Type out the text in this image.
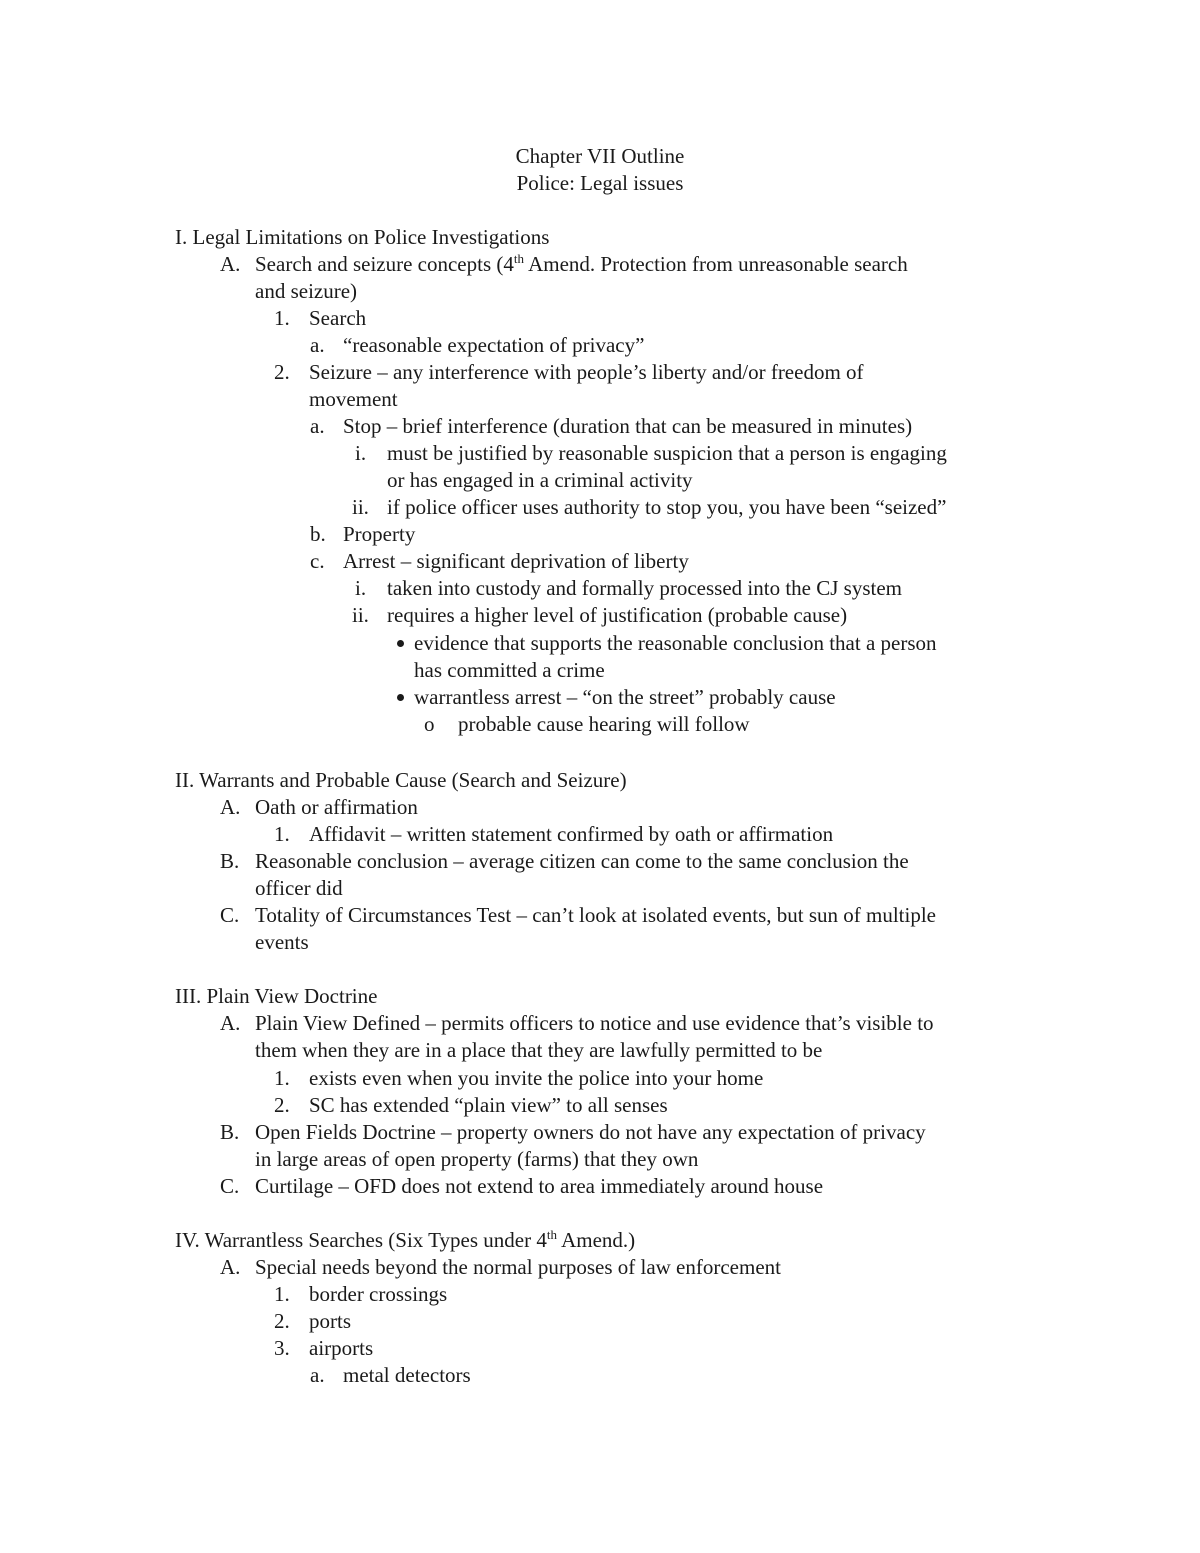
Chapter VII Outline
Police: Legal issues
I. Legal Limitations on Police Investigations
A. Search and seizure concepts (4th Amend. Protection from unreasonable search
and seizure)
1. Search
a. “reasonable expectation of privacy”
2. Seizure – any interference with people’s liberty and/or freedom of
movement
a. Stop – brief interference (duration that can be measured in minutes)
i. must be justified by reasonable suspicion that a person is engaging
or has engaged in a criminal activity
ii. if police officer uses authority to stop you, you have been “seized”
b. Property
c. Arrest – significant deprivation of liberty
i. taken into custody and formally processed into the CJ system
ii. requires a higher level of justification (probable cause)
evidence that supports the reasonable conclusion that a person
has committed a crime
warrantless arrest – “on the street” probably cause
o probable cause hearing will follow
II. Warrants and Probable Cause (Search and Seizure)
A. Oath or affirmation
1. Affidavit – written statement confirmed by oath or affirmation
B. Reasonable conclusion – average citizen can come to the same conclusion the
officer did
C. Totality of Circumstances Test – can’t look at isolated events, but sun of multiple
events
III. Plain View Doctrine
A. Plain View Defined – permits officers to notice and use evidence that’s visible to
them when they are in a place that they are lawfully permitted to be
1. exists even when you invite the police into your home
2. SC has extended “plain view” to all senses
B. Open Fields Doctrine – property owners do not have any expectation of privacy
in large areas of open property (farms) that they own
C. Curtilage – OFD does not extend to area immediately around house
IV. Warrantless Searches (Six Types under 4th Amend.)
A. Special needs beyond the normal purposes of law enforcement
1. border crossings
2. ports
3. airports
a. metal detectors
